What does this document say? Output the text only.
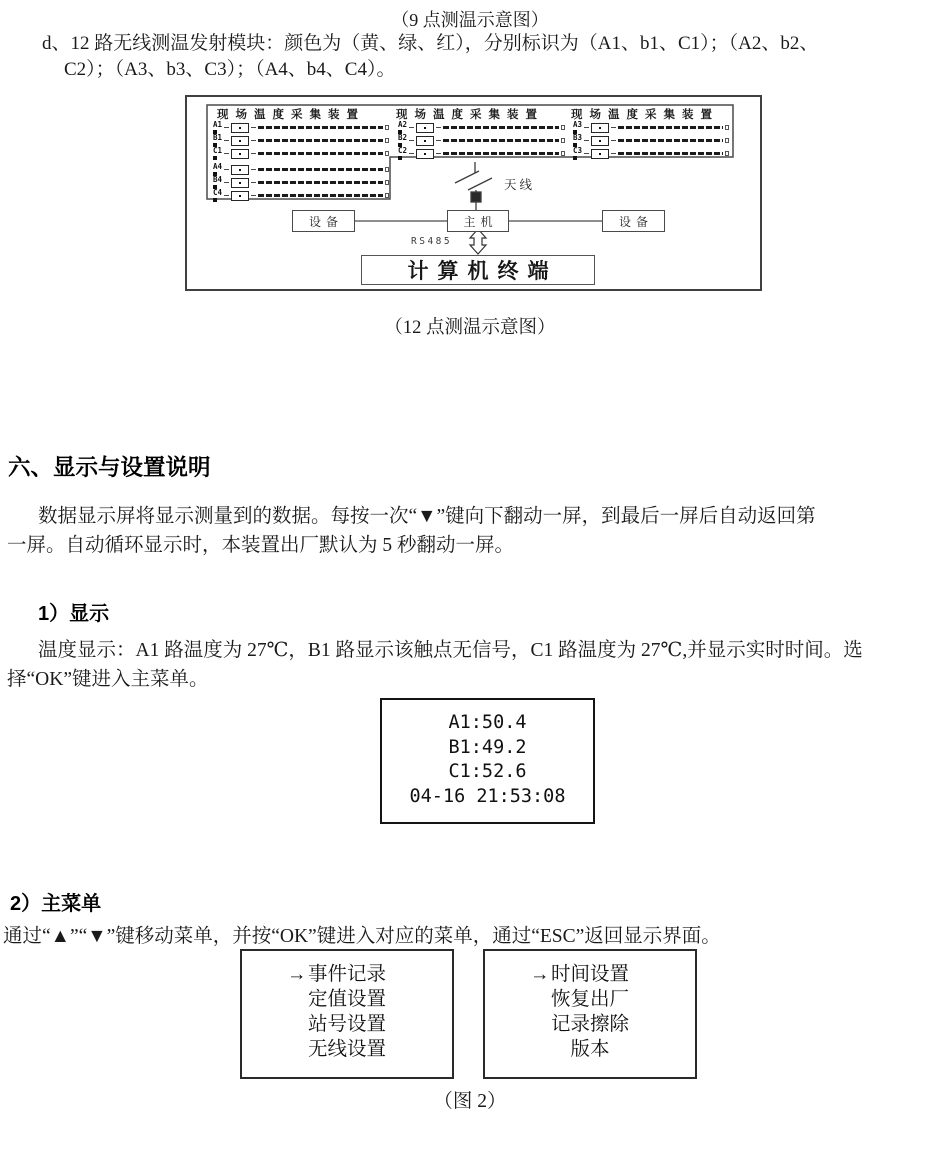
（9 点测温示意图）
d、12 路无线测温发射模块：颜色为（黄、绿、红），分别标识为（A1、b1、C1）；（A2、b2、
C2）；（A3、b3、C3）；（A4、b4、C4）。
现场温度采集装置	现场温度采集装置 现场温度采集装置
A1
B1
C1
A4
B4
C4
A2
B2
C2
A3
B3
C3
天线
设备	主机	设备
RS485
计算机终端
（12 点测温示意图）
六、显示与设置说明
数据显示屏将显示测量到的数据。每按一次“▼”键向下翻动一屏，到最后一屏后自动返回第
一屏。自动循环显示时，本装置出厂默认为 5 秒翻动一屏。
1）显示
温度显示：A1 路温度为 27℃，B1 路显示该触点无信号，C1 路温度为 27℃,并显示实时时间。选
择“OK”键进入主菜单。
A1:50.4
B1:49.2
C1:52.6
04-16 21:53:08
2）主菜单
通过“▲”“▼”键移动菜单，并按“OK”键进入对应的菜单，通过“ESC”返回显示界面。
→ 事件记录
定值设置
站号设置
无线设置
→ 时间设置
恢复出厂
记录擦除
版本
（图 2）
